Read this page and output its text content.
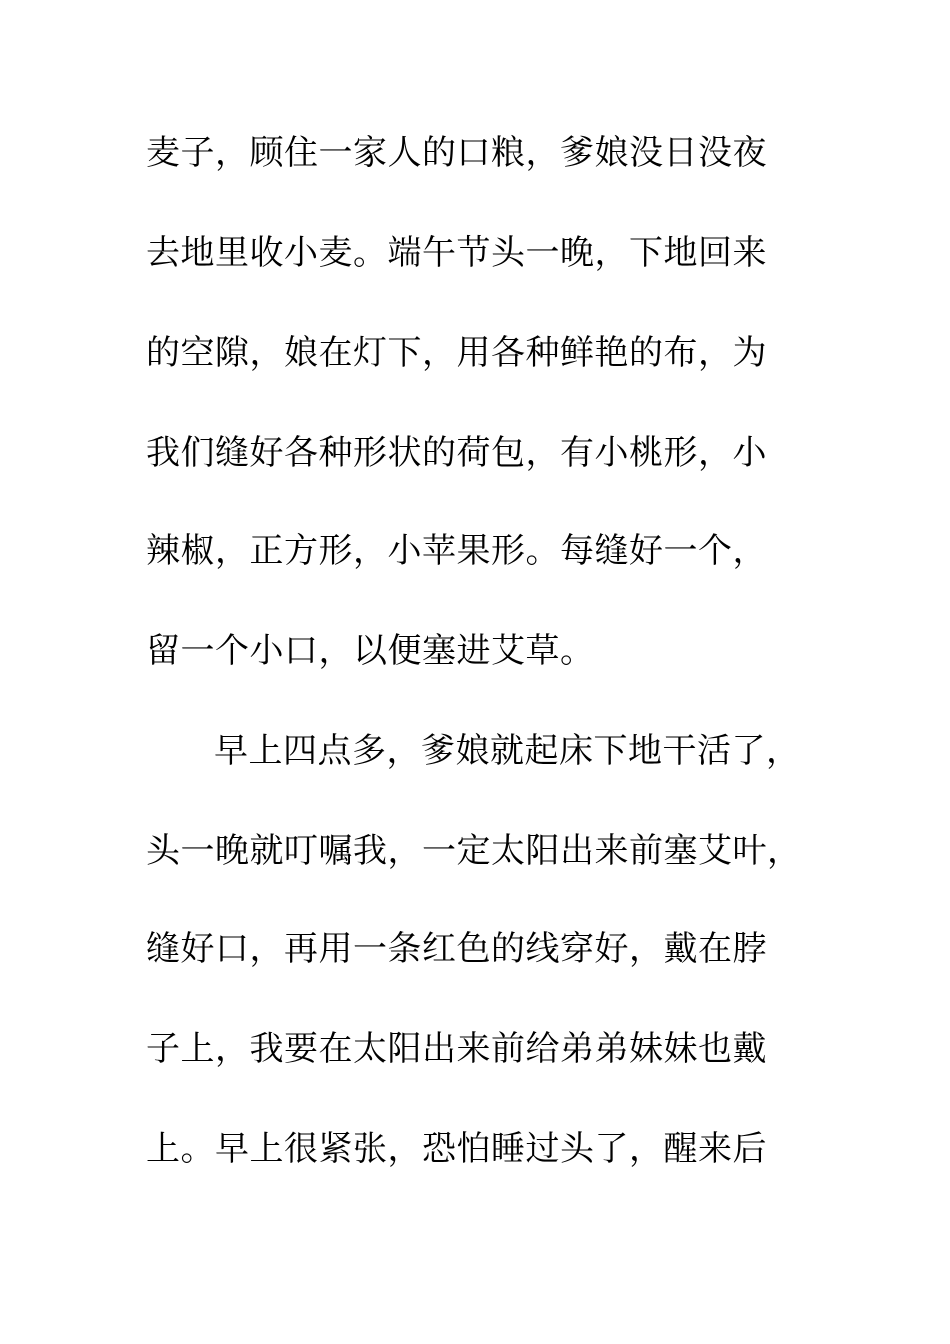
麦子，顾住一家人的口粮，爹娘没日没夜
去地里收小麦。端午节头一晚，下地回来
的空隙，娘在灯下，用各种鲜艳的布，为
我们缝好各种形状的荷包，有小桃形，小
辣椒，正方形，小苹果形。每缝好一个，
留一个小口，以便塞进艾草。
早上四点多，爹娘就起床下地干活了，
头一晚就叮嘱我，一定太阳出来前塞艾叶，
缝好口，再用一条红色的线穿好，戴在脖
子上，我要在太阳出来前给弟弟妹妹也戴
上。早上很紧张，恐怕睡过头了，醒来后
